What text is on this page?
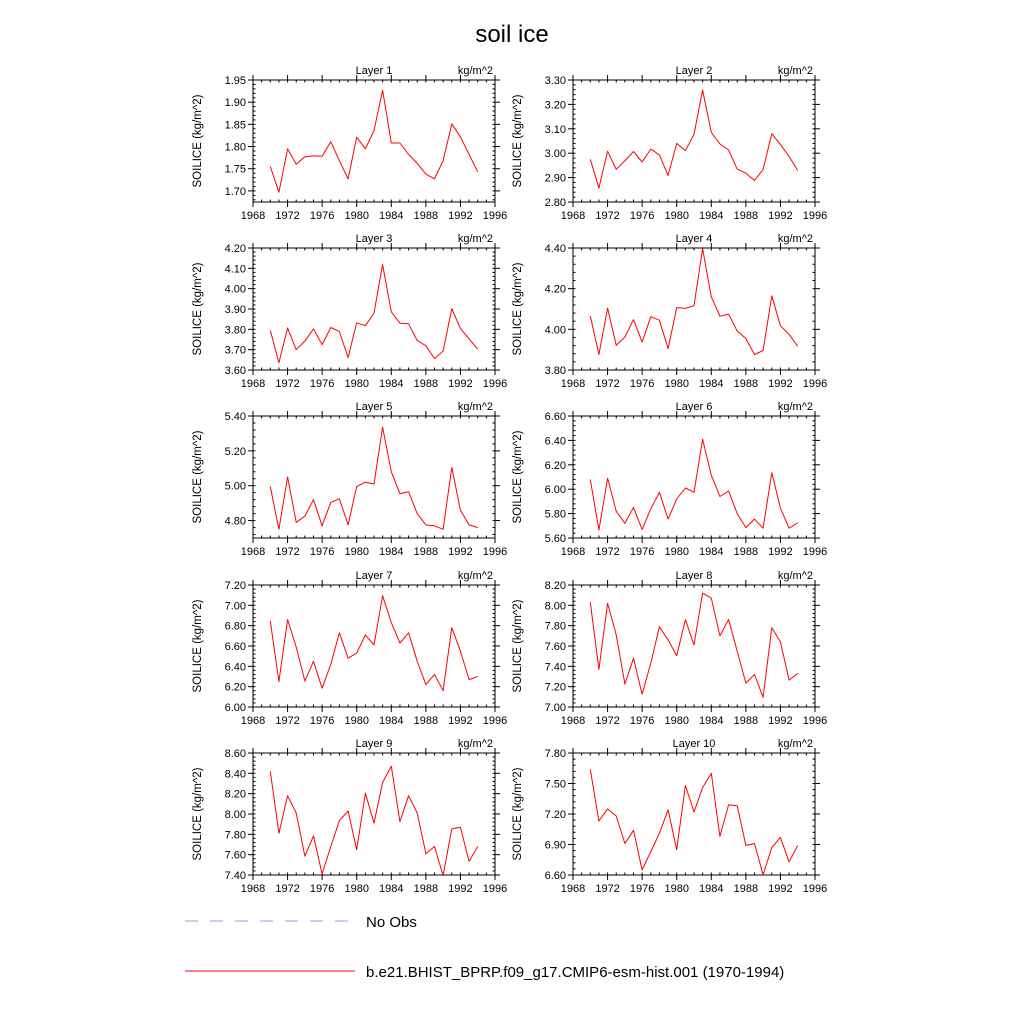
soil ice
Layer 1	kg/m^2
SOILICE (kg/m^2)
1968 1972 1976 1980 1984 1988 1992 1996
1.70
1.75
1.80
1.85
1.90
1.95
Layer 2	kg/m^2
SOILICE (kg/m^2)
1968 1972 1976 1980 1984 1988 1992 1996
2.80
2.90
3.00
3.10
3.20
3.30
Layer 3	kg/m^2
SOILICE (kg/m^2)
1968 1972 1976 1980 1984 1988 1992 1996
3.60
3.70
3.80
3.90
4.00
4.10
4.20
Layer 4	kg/m^2
SOILICE (kg/m^2)
1968 1972 1976 1980 1984 1988 1992 1996
3.80
4.00
4.20
4.40
Layer 5	kg/m^2
SOILICE (kg/m^2)
1968 1972 1976 1980 1984 1988 1992 1996
4.80
5.00
5.20
5.40
Layer 6	kg/m^2
SOILICE (kg/m^2)
1968 1972 1976 1980 1984 1988 1992 1996
5.60
5.80
6.00
6.20
6.40
6.60
Layer 7	kg/m^2
SOILICE (kg/m^2)
1968 1972 1976 1980 1984 1988 1992 1996
6.00
6.20
6.40
6.60
6.80
7.00
7.20
Layer 8	kg/m^2
SOILICE (kg/m^2)
1968 1972 1976 1980 1984 1988 1992 1996
7.00
7.20
7.40
7.60
7.80
8.00
8.20
Layer 9	kg/m^2
SOILICE (kg/m^2)
1968 1972 1976 1980 1984 1988 1992 1996
7.40
7.60
7.80
8.00
8.20
8.40
8.60
Layer 10	kg/m^2
SOILICE (kg/m^2)
1968 1972 1976 1980 1984 1988 1992 1996
6.60
6.90
7.20
7.50
7.80
No Obs
b.e21.BHIST_BPRP.f09_g17.CMIP6-esm-hist.001 (1970-1994)
